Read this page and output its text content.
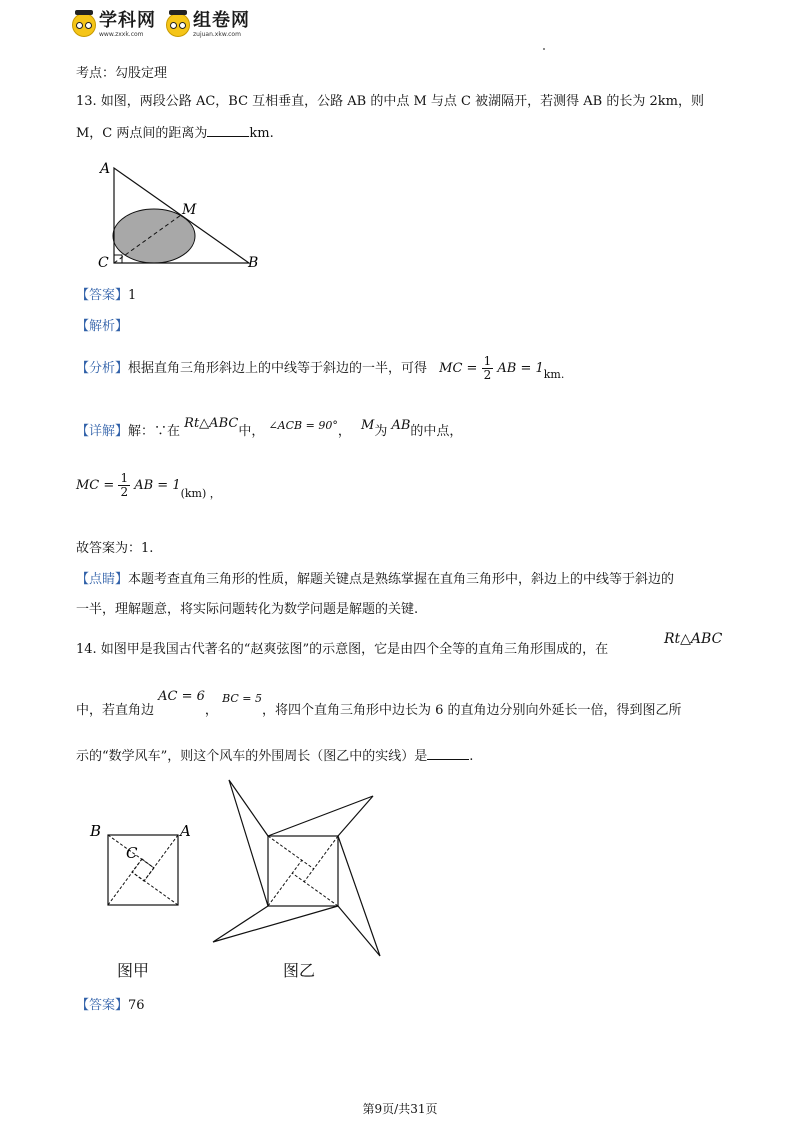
学科网
www.zxxk.com
组卷网
zujuan.xkw.com
考点：勾股定理
13. 如图，两段公路 AC，BC 互相垂直，公路 AB 的中点 M 与点 C 被湖隔开，若测得 AB 的长为 2km，则
M，C 两点间的距离为	km.
A
M
C	B
【答案】1
【解析】
【分析】根据直角三角形斜边上的中线等于斜边的一半，可得 MC = $\frac{1}{2}$ AB = $1_{km.}$
【详解】解：∵在 Rt△ABC中， $^{\angle ACB = 90^\circ}$， M为 AB的中点，
MC = $\frac{1}{2}$ AB = $1_{(km) ,}$
故答案为：1.
【点睛】本题考查直角三角形的性质，解题关键点是熟练掌握在直角三角形中，斜边上的中线等于斜边的
一半，理解题意，将实际问题转化为数学问题是解题的关键.
14. 如图甲是我国古代著名的“赵爽弦图”的示意图，它是由四个全等的直角三角形围成的，在
Rt△ABC
中，若直角边 AC = 6， $^{BC = 5}$，将四个直角三角形中边长为 6 的直角边分别向外延长一倍，得到图乙所
示的“数学风车”，则这个风车的外围周长（图乙中的实线）是	.
B	A
C
图甲	图乙
【答案】76
第9页/共31页
